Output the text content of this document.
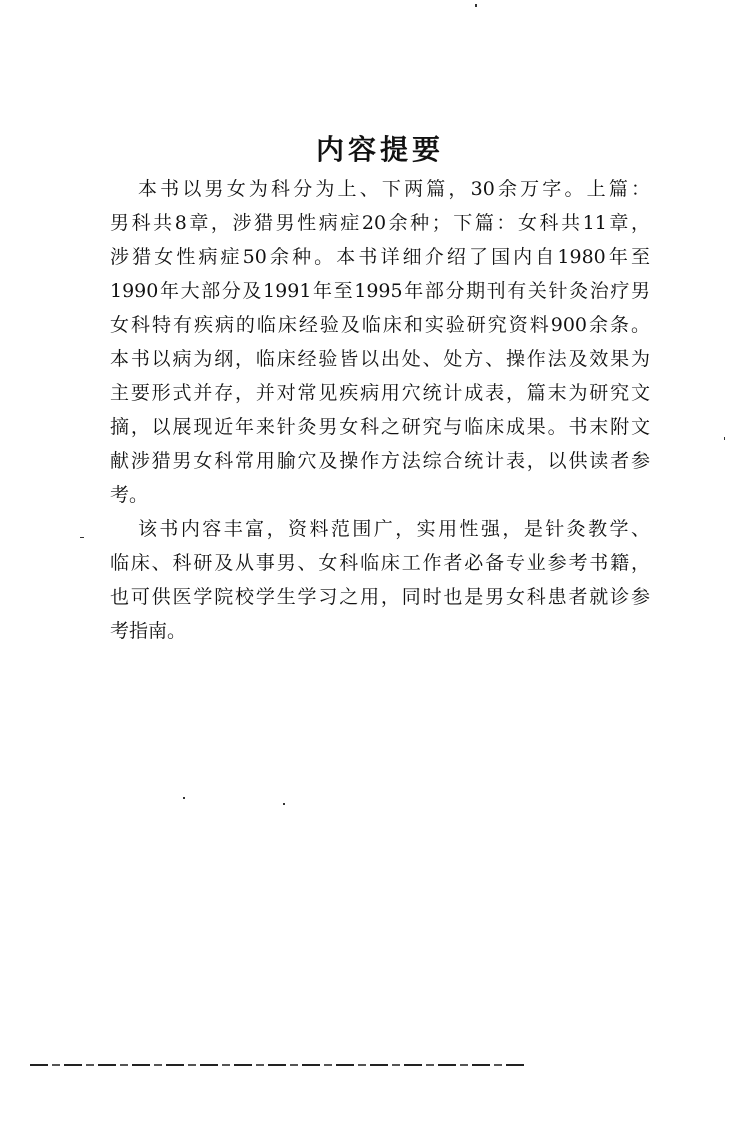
内容提要
本书以男女为科分为上、下两篇，30余万字。上篇：
男科共8章，涉猎男性病症20余种；下篇：女科共11章，
涉猎女性病症50余种。本书详细介绍了国内自1980年至
1990年大部分及1991年至1995年部分期刊有关针灸治疗男
女科特有疾病的临床经验及临床和实验研究资料900余条。
本书以病为纲，临床经验皆以出处、处方、操作法及效果为
主要形式并存，并对常见疾病用穴统计成表，篇末为研究文
摘，以展现近年来针灸男女科之研究与临床成果。书末附文
献涉猎男女科常用腧穴及操作方法综合统计表，以供读者参
考。
该书内容丰富，资料范围广，实用性强，是针灸教学、
临床、科研及从事男、女科临床工作者必备专业参考书籍，
也可供医学院校学生学习之用，同时也是男女科患者就诊参
考指南。
